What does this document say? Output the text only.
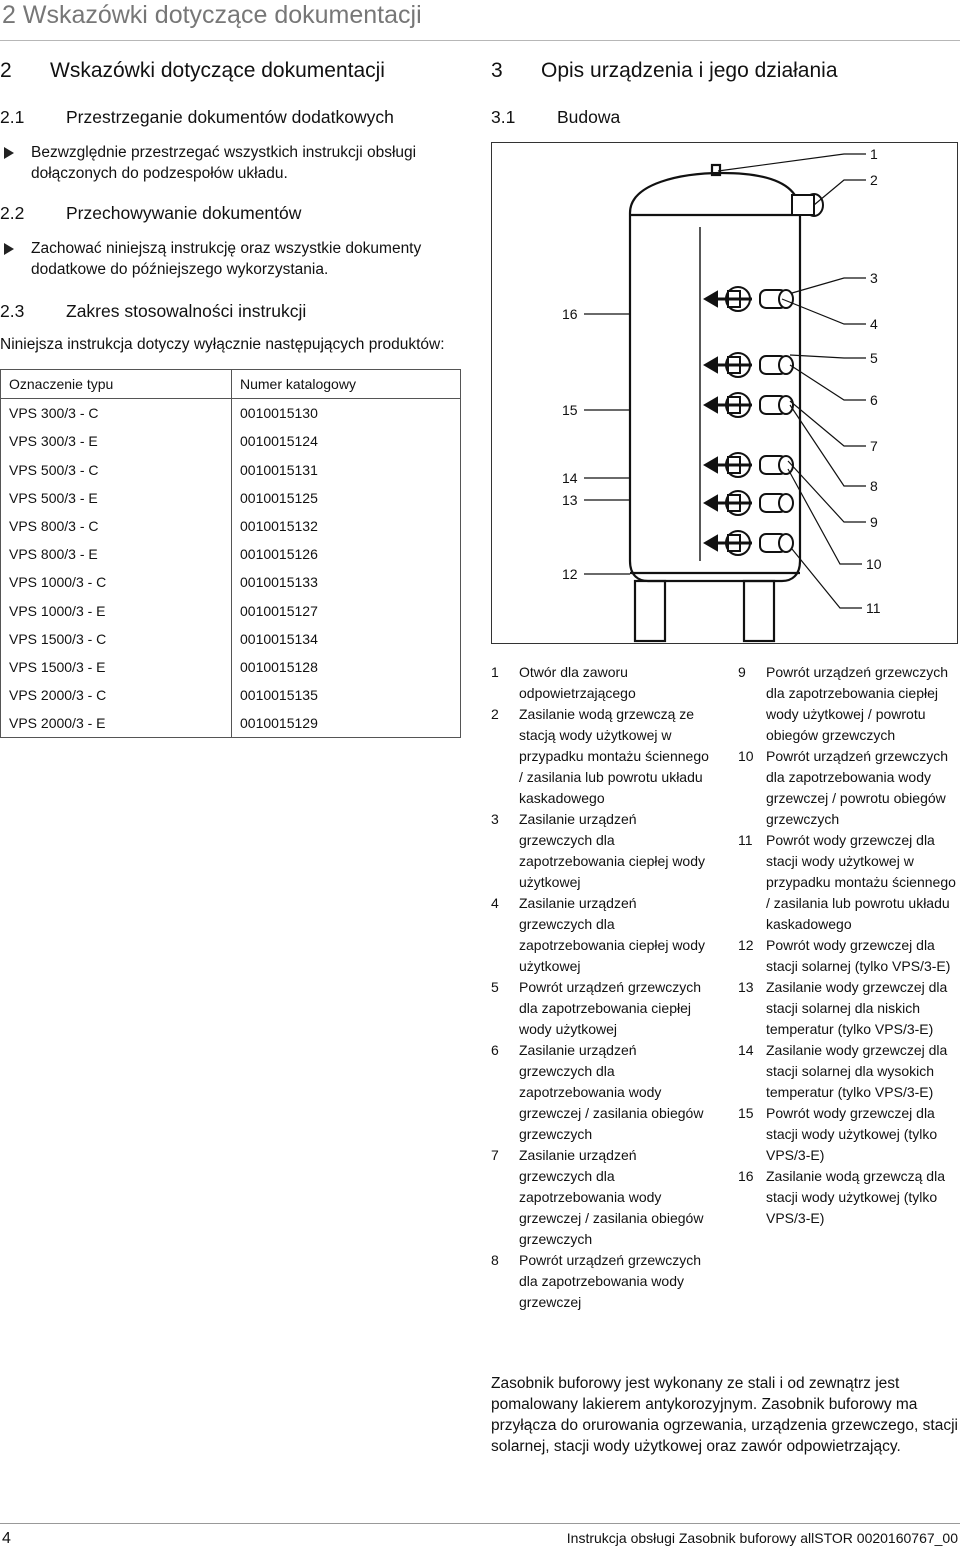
2 Wskazówki dotyczące dokumentacji
2 Wskazówki dotyczące dokumentacji
2.1 Przestrzeganie dokumentów dodatkowych
Bezwzględnie przestrzegać wszystkich instrukcji obsługi dołączonych do podzespołów układu.
2.2 Przechowywanie dokumentów
Zachować niniejszą instrukcję oraz wszystkie dokumenty dodatkowe do późniejszego wykorzystania.
2.3 Zakres stosowalności instrukcji

Niniejsza instrukcja dotyczy wyłącznie następujących produktów:

Oznaczenie typu	Numer katalogowy
VPS 300/3 - C	0010015130
VPS 300/3 - E	0010015124
VPS 500/3 - C	0010015131
VPS 500/3 - E	0010015125
VPS 800/3 - C	0010015132
VPS 800/3 - E	0010015126
VPS 1000/3 - C	0010015133
VPS 1000/3 - E	0010015127
VPS 1500/3 - C	0010015134
VPS 1500/3 - E	0010015128
VPS 2000/3 - C	0010015135
VPS 2000/3 - E	0010015129
3 Opis urządzenia i jego działania
3.1 Budowa
1
2
3
4
5
6
7
8
9
10
11
12
13
14
15
16
1 Otwór dla zaworu odpowietrzającego
2 Zasilanie wodą grzewczą ze stacją wody użytkowej w przypadku montażu ściennego / zasilania lub powrotu układu kaskadowego
3 Zasilanie urządzeń grzewczych dla zapotrzebowania ciepłej wody użytkowej
4 Zasilanie urządzeń grzewczych dla zapotrzebowania ciepłej wody użytkowej
5 Powrót urządzeń grzewczych dla zapotrzebowania ciepłej wody użytkowej
6 Zasilanie urządzeń grzewczych dla zapotrzebowania wody grzewczej / zasilania obiegów grzewczych
7 Zasilanie urządzeń grzewczych dla zapotrzebowania wody grzewczej / zasilania obiegów grzewczych
8 Powrót urządzeń grzewczych dla zapotrzebowania wody grzewczej
9 Powrót urządzeń grzewczych dla zapotrzebowania ciepłej wody użytkowej / powrotu obiegów grzewczych
10 Powrót urządzeń grzewczych dla zapotrzebowania wody grzewczej / powrotu obiegów grzewczych
11 Powrót wody grzewczej dla stacji wody użytkowej w przypadku montażu ściennego / zasilania lub powrotu układu kaskadowego
12 Powrót wody grzewczej dla stacji solarnej (tylko VPS/3-E)
13 Zasilanie wody grzewczej dla stacji solarnej dla niskich temperatur (tylko VPS/3-E)
14 Zasilanie wody grzewczej dla stacji solarnej dla wysokich temperatur (tylko VPS/3-E)
15 Powrót wody grzewczej dla stacji wody użytkowej (tylko VPS/3-E)
16 Zasilanie wodą grzewczą dla stacji wody użytkowej (tylko VPS/3-E)

Zasobnik buforowy jest wykonany ze stali i od zewnątrz jest pomalowany lakierem antykorozyjnym. Zasobnik buforowy ma przyłącza do orurowania ogrzewania, urządzenia grzewczego, stacji solarnej, stacji wody użytkowej oraz zawór odpowietrzający.

4	Instrukcja obsługi Zasobnik buforowy allSTOR 0020160767_00
